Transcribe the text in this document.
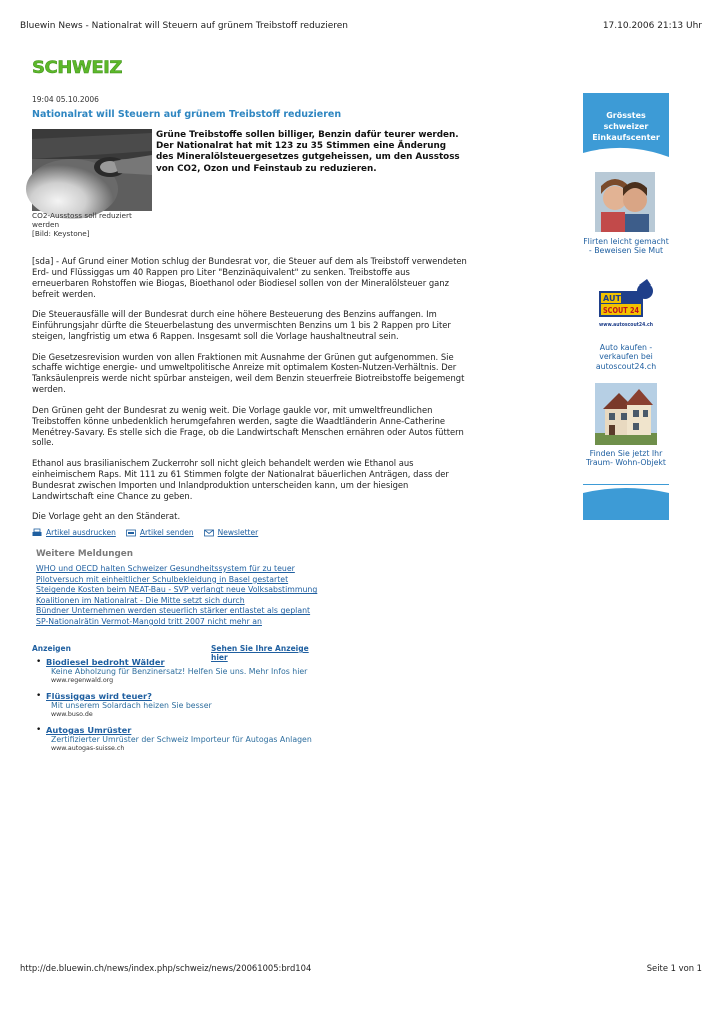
Bluewin News - Nationalrat will Steuern auf grünem Treibstoff reduzieren	17.10.2006 21:13 Uhr
SCHWEIZ
19:04 05.10.2006
Nationalrat will Steuern auf grünem Treibstoff reduzieren
CO2-Ausstoss soll reduziert
werden
[Bild: Keystone]
Grüne Treibstoffe sollen billiger, Benzin dafür teurer werden. Der Nationalrat hat mit 123 zu 35 Stimmen eine Änderung des Mineralölsteuergesetzes gutgeheissen, um den Ausstoss von CO2, Ozon und Feinstaub zu reduzieren.

[sda] - Auf Grund einer Motion schlug der Bundesrat vor, die Steuer auf dem als Treibstoff verwendeten Erd- und Flüssiggas um 40 Rappen pro Liter "Benzinäquivalent" zu senken. Treibstoffe aus erneuerbaren Rohstoffen wie Biogas, Bioethanol oder Biodiesel sollen von der Mineralölsteuer ganz befreit werden.

Die Steuerausfälle will der Bundesrat durch eine höhere Besteuerung des Benzins auffangen. Im Einführungsjahr dürfte die Steuerbelastung des unvermischten Benzins um 1 bis 2 Rappen pro Liter steigen, langfristig um etwa 6 Rappen. Insgesamt soll die Vorlage haushaltneutral sein.

Die Gesetzesrevision wurden von allen Fraktionen mit Ausnahme der Grünen gut aufgenommen. Sie schaffe wichtige energie- und umweltpolitische Anreize mit optimalem Kosten-Nutzen-Verhältnis. Der Tanksäulenpreis werde nicht spürbar ansteigen, weil dem Benzin steuerfreie Biotreibstoffe beigemengt werden.

Den Grünen geht der Bundesrat zu wenig weit. Die Vorlage gaukle vor, mit umweltfreundlichen Treibstoffen könne unbedenklich herumgefahren werden, sagte die Waadtländerin Anne-Catherine Menétrey-Savary. Es stelle sich die Frage, ob die Landwirtschaft Menschen ernähren oder Autos füttern solle.

Ethanol aus brasilianischem Zuckerrohr soll nicht gleich behandelt werden wie Ethanol aus einheimischem Raps. Mit 111 zu 61 Stimmen folgte der Nationalrat bäuerlichen Anträgen, dass der Bundesrat zwischen Importen und Inlandproduktion unterscheiden kann, um der hiesigen Landwirtschaft eine Chance zu geben.

Die Vorlage geht an den Ständerat.

Artikel ausdrucken	Artikel senden	Newsletter
Weitere Meldungen
WHO und OECD halten Schweizer Gesundheitssystem für zu teuer
Pilotversuch mit einheitlicher Schulbekleidung in Basel gestartet
Steigende Kosten beim NEAT-Bau - SVP verlangt neue Volksabstimmung
Koalitionen im Nationalrat - Die Mitte setzt sich durch
Bündner Unternehmen werden steuerlich stärker entlastet als geplant
SP-Nationalrätin Vermot-Mangold tritt 2007 nicht mehr an
Anzeigen	Sehen Sie Ihre Anzeige hier
• Biodiesel bedroht Wälder
Keine Abholzung für Benzinersatz! Helfen Sie uns. Mehr Infos hier
www.regenwald.org
• Flüssiggas wird teuer?
Mit unserem Solardach heizen Sie besser
www.buso.de
• Autogas Umrüster
Zertifizierter Umrüster der Schweiz Importeur für Autogas Anlagen
www.autogas-suisse.ch
Grösstes schweizer
Einkaufscenter
Flirten leicht gemacht - Beweisen Sie Mut
AUTO
SCOUT 24
www.autoscout24.ch
Auto kaufen - verkaufen bei autoscout24.ch
Finden Sie jetzt Ihr Traum- Wohn-Objekt
http://de.bluewin.ch/news/index.php/schweiz/news/20061005:brd104	Seite 1 von 1
